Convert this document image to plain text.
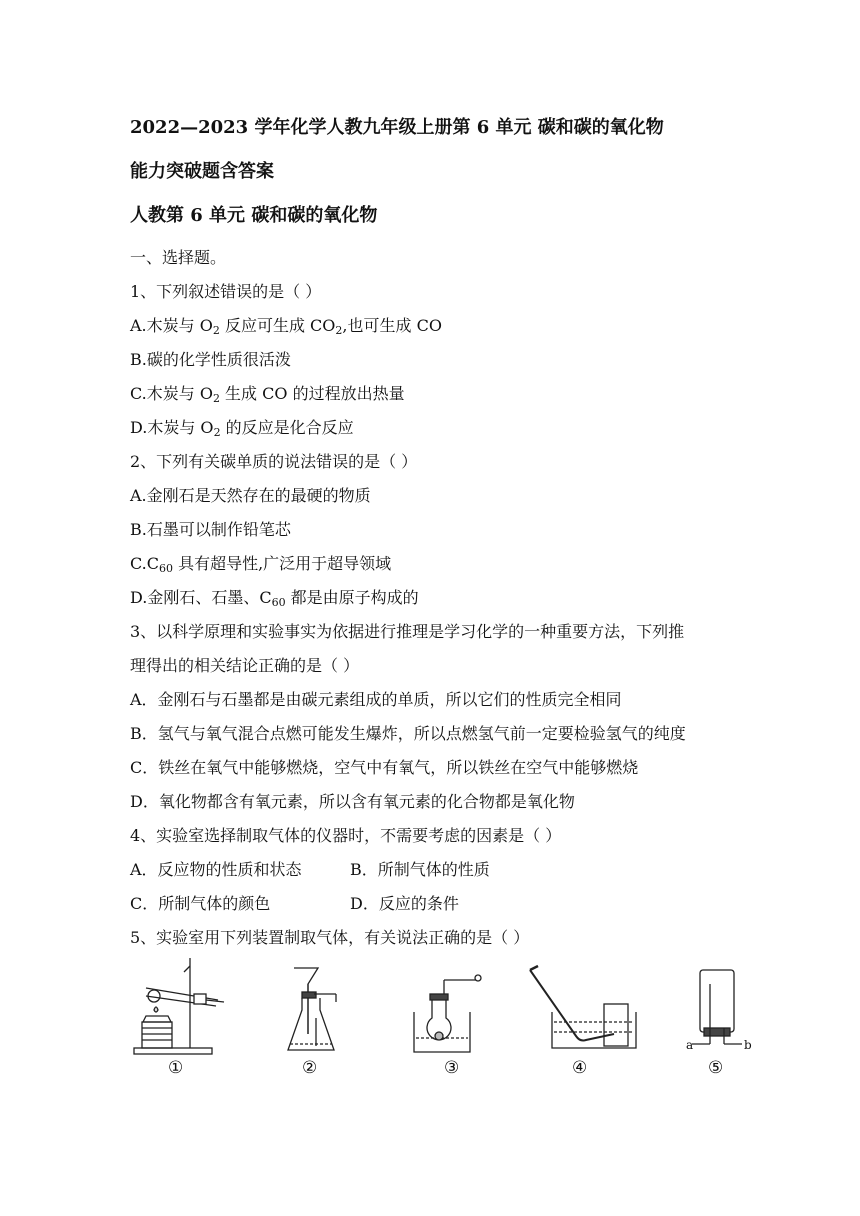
2022—2023 学年化学人教九年级上册第 6 单元 碳和碳的氧化物
能力突破题含答案
人教第 6 单元 碳和碳的氧化物
一、选择题。
1、下列叙述错误的是（ ）
A.木炭与 $O_2$ 反应可生成 $CO_2$,也可生成 CO
B.碳的化学性质很活泼
C.木炭与 $O_2$ 生成 CO 的过程放出热量
D.木炭与 $O_2$ 的反应是化合反应
2、下列有关碳单质的说法错误的是（ ）
A.金刚石是天然存在的最硬的物质
B.石墨可以制作铅笔芯
$C.C_{60}$ 具有超导性,广泛用于超导领域
D.金刚石、石墨、$C_{60}$ 都是由原子构成的
3、以科学原理和实验事实为依据进行推理是学习化学的一种重要方法，下列推
理得出的相关结论正确的是（ ）
A．金刚石与石墨都是由碳元素组成的单质，所以它们的性质完全相同
B．氢气与氧气混合点燃可能发生爆炸，所以点燃氢气前一定要检验氢气的纯度
C．铁丝在氧气中能够燃烧，空气中有氧气，所以铁丝在空气中能够燃烧
D．氧化物都含有氧元素，所以含有氧元素的化合物都是氧化物
4、实验室选择制取气体的仪器时，不需要考虑的因素是（ ）
A．反应物的性质和状态	B．所制气体的性质
C．所制气体的颜色	D．反应的条件
5、实验室用下列装置制取气体，有关说法正确的是（ ）
①	②	③	④
a	b
⑤
